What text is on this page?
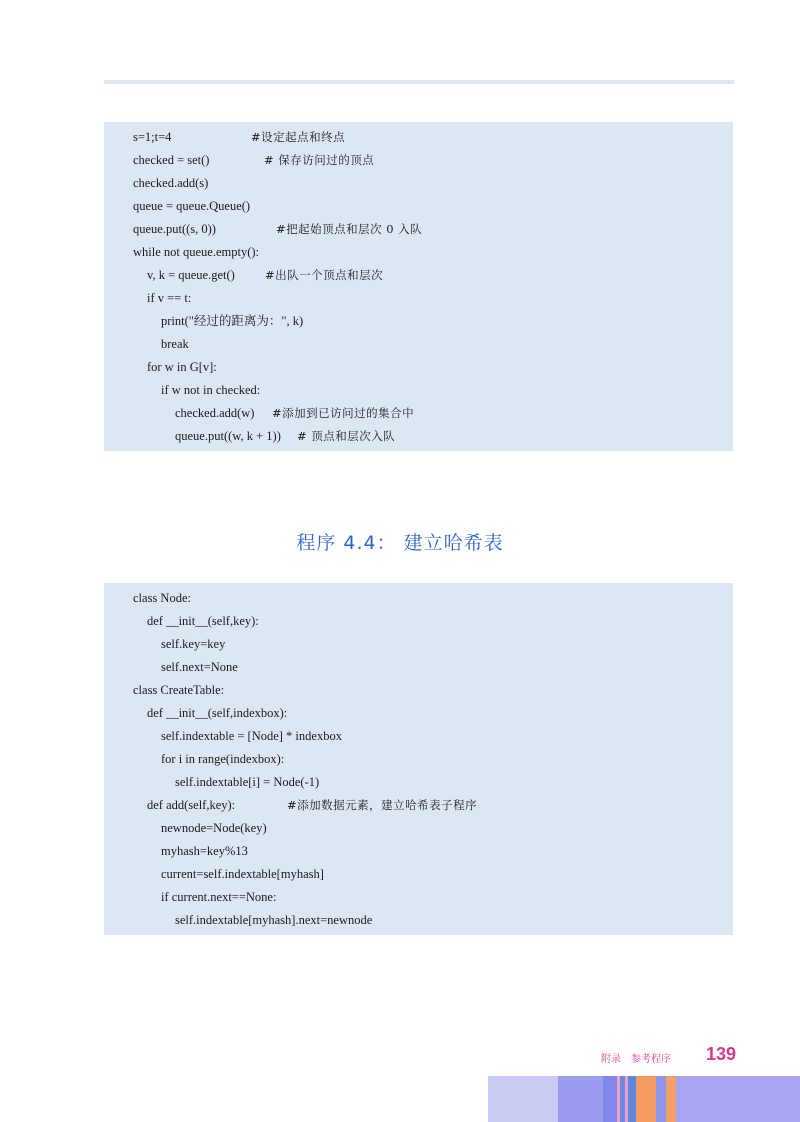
s=1;t=4	#设定起点和终点
checked = set()	# 保存访问过的顶点
checked.add(s)
queue = queue.Queue()
queue.put((s, 0))	#把起始顶点和层次 0 入队
while not queue.empty():
v, k = queue.get()	#出队一个顶点和层次
if v == t:
print("经过的距离为：", k)
break
for w in G[v]:
if w not in checked:
checked.add(w) #添加到已访问过的集合中
queue.put((w, k + 1)) # 顶点和层次入队
程序 4.4： 建立哈希表
class Node:
def __init__(self,key):
self.key=key
self.next=None
class CreateTable:
def __init__(self,indexbox):
self.indextable = [Node] * indexbox
for i in range(indexbox):
self.indextable[i] = Node(-1)
def add(self,key):	#添加数据元素，建立哈希表子程序
newnode=Node(key)
myhash=key%13
current=self.indextable[myhash]
if current.next==None:
self.indextable[myhash].next=newnode
附录　参考程序 139
